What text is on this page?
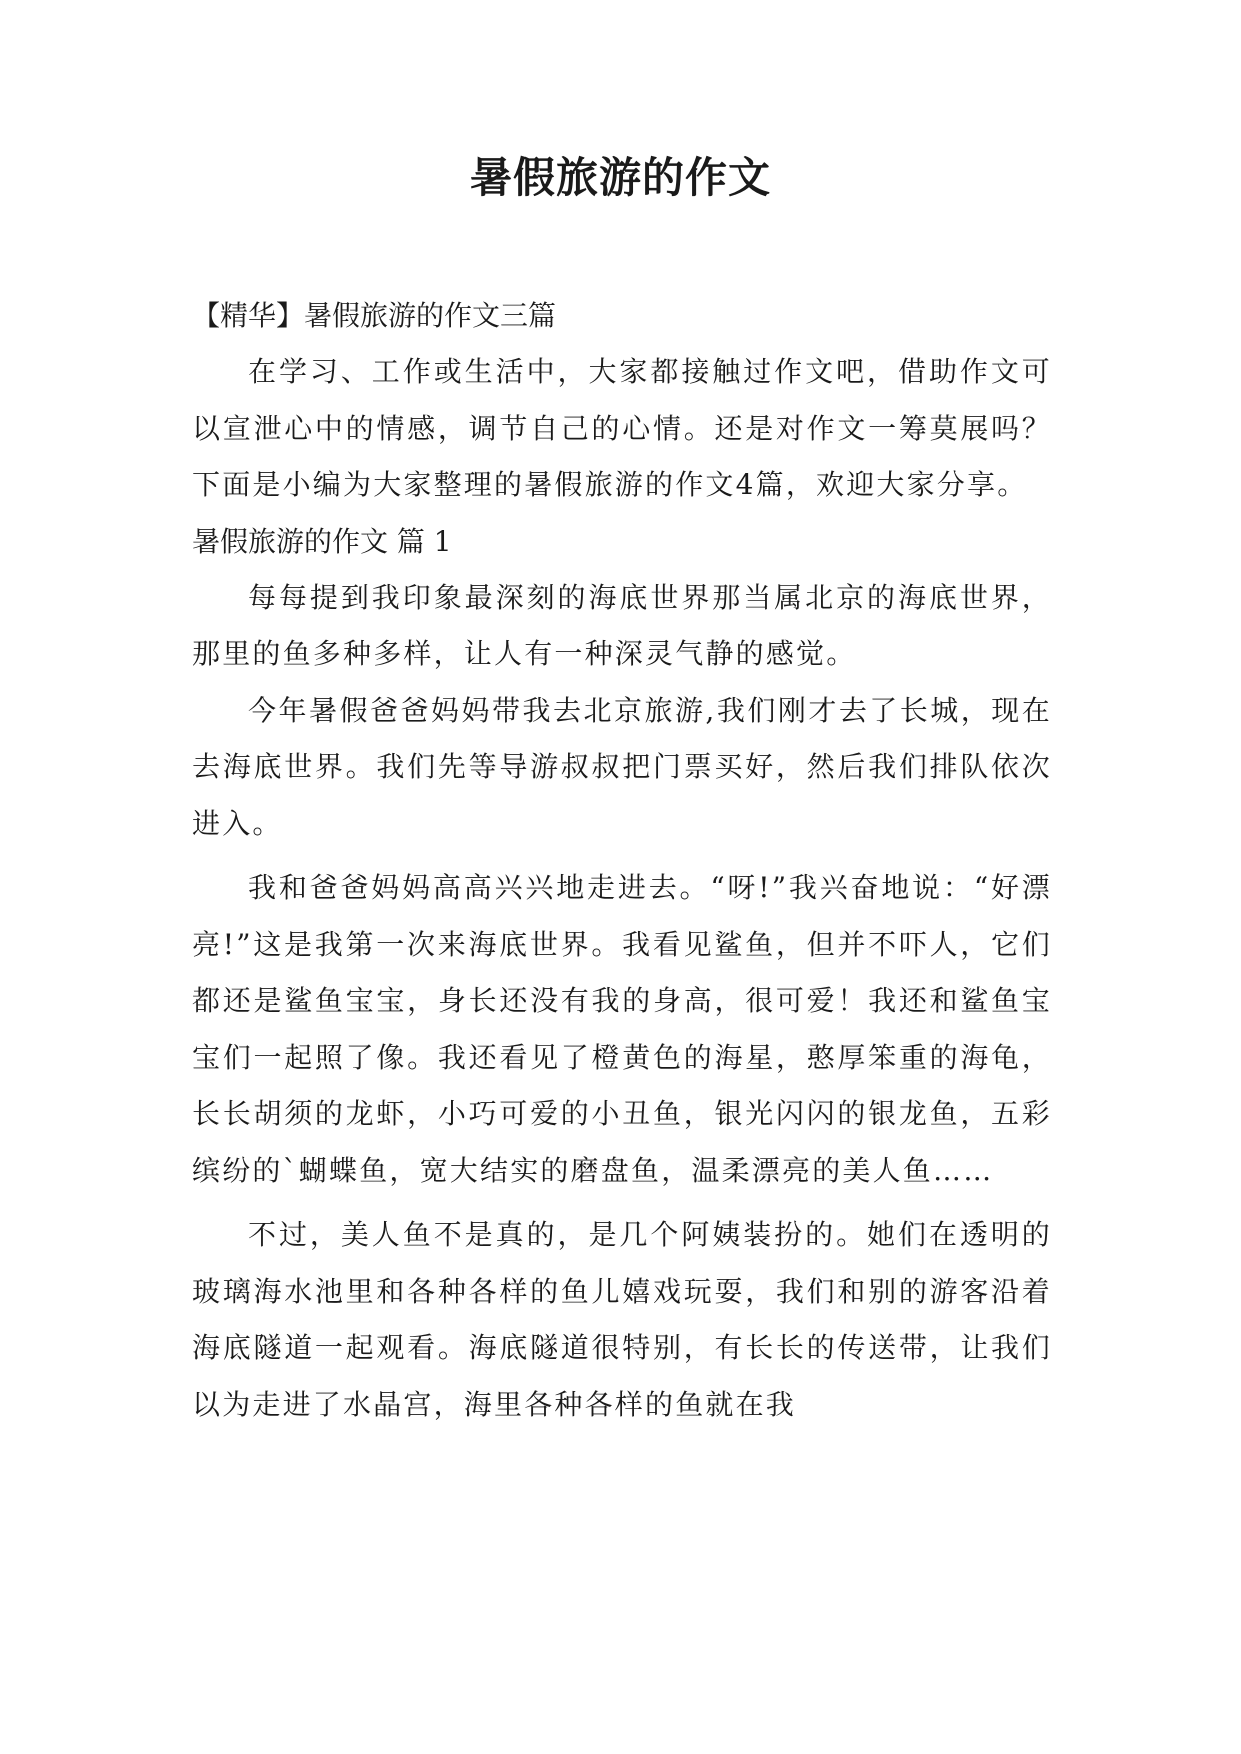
暑假旅游的作文

【精华】暑假旅游的作文三篇

在学习、工作或生活中，大家都接触过作文吧，借助作文可以宣泄心中的情感，调节自己的心情。还是对作文一筹莫展吗？下面是小编为大家整理的暑假旅游的作文4篇，欢迎大家分享。

暑假旅游的作文 篇 1

每每提到我印象最深刻的海底世界那当属北京的海底世界，那里的鱼多种多样，让人有一种深灵气静的感觉。

今年暑假爸爸妈妈带我去北京旅游,我们刚才去了长城，现在去海底世界。我们先等导游叔叔把门票买好，然后我们排队依次进入。

我和爸爸妈妈高高兴兴地走进去。“呀!”我兴奋地说：“好漂亮!”这是我第一次来海底世界。我看见鲨鱼，但并不吓人，它们都还是鲨鱼宝宝，身长还没有我的身高，很可爱！我还和鲨鱼宝宝们一起照了像。我还看见了橙黄色的海星，憨厚笨重的海龟，长长胡须的龙虾，小巧可爱的小丑鱼，银光闪闪的银龙鱼，五彩缤纷的`蝴蝶鱼，宽大结实的磨盘鱼，温柔漂亮的美人鱼……

不过，美人鱼不是真的，是几个阿姨装扮的。她们在透明的玻璃海水池里和各种各样的鱼儿嬉戏玩耍，我们和别的游客沿着海底隧道一起观看。海底隧道很特别，有长长的传送带，让我们以为走进了水晶宫，海里各种各样的鱼就在我
